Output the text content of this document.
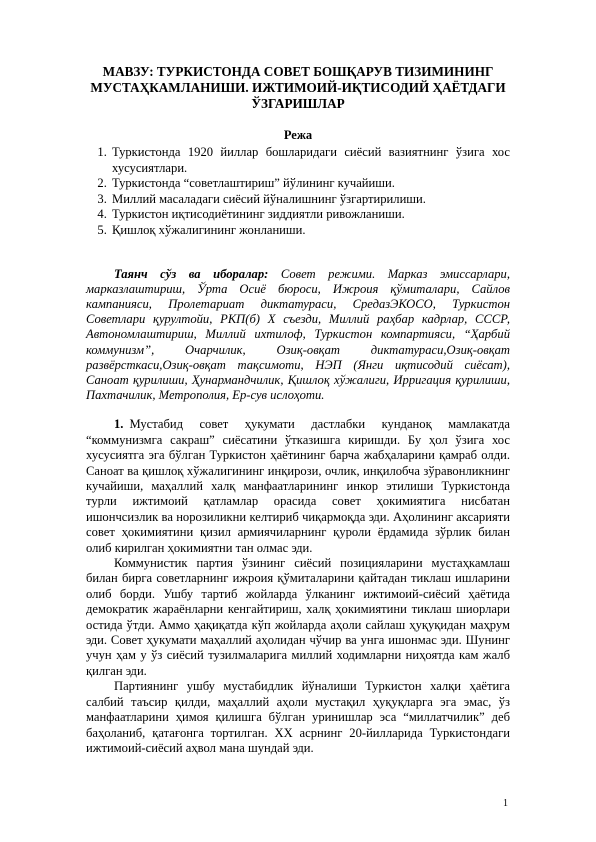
МАВЗУ: ТУРКИСТОНДА СОВЕТ БОШҚАРУВ ТИЗИМИНИНГ МУСТАҲКАМЛАНИШИ. ИЖТИМОИЙ-ИҚТИСОДИЙ ҲАЁТДАГИ ЎЗГАРИШЛАР
Режа
1. Туркистонда 1920 йиллар бошларидаги сиёсий вазиятнинг ўзига хос хусусиятлари.
2. Туркистонда “советлаштириш” йўлининг кучайиши.
3. Миллий масаладаги сиёсий йўналишнинг ўзгартирилиши.
4. Туркистон иқтисодиётининг зиддиятли ривожланиши.
5. Қишлоқ хўжалигининг жонланиши.

Таянч сўз ва иборалар: Совет режими. Марказ эмиссарлари, марказлаштириш, Ўрта Осиё бюроси, Ижроия қўмиталари, Сайлов кампанияси, Пролетариат диктатураси, СредазЭКОСО, Туркистон Советлари қурултойи, РКП(б) Х съезди, Миллий раҳбар кадрлар, СССР, Автономлаштириш, Миллий ихтилоф, Туркистон компартияси, “Ҳарбий коммунизм”, Очарчилик, Озиқ-овқат диктатураси,Озиқ-овқат развёрсткаси,Озиқ-овқат тақсимоти, НЭП (Янги иқтисодий сиёсат), Саноат қурилиши, Ҳунармандчилик, Қишлоқ хўжалиги, Ирригация қурилиши, Пахтачилик, Метрополия, Ер-сув ислоҳоти.

1. Мустабид совет ҳукумати дастлабки кунданоқ мамлакатда “коммунизмга сакраш” сиёсатини ўтказишга киришди. Бу ҳол ўзига хос хусусиятга эга бўлган Туркистон ҳаётининг барча жабҳаларини қамраб олди. Саноат ва қишлоқ хўжалигининг инқирози, очлик, инқилобча зўравонликнинг кучайиши, маҳаллий халқ манфаатларининг инкор этилиши Туркистонда турли ижтимоий қатламлар орасида совет ҳокимиятига нисбатан ишончсизлик ва норозиликни келтириб чиқармоқда эди. Аҳолининг аксарияти совет ҳокимиятини қизил армиячиларнинг қуроли ёрдамида зўрлик билан олиб кирилган ҳокимиятни тан олмас эди.

Коммунистик партия ўзининг сиёсий позицияларини мустаҳкамлаш билан бирга советларнинг ижроия қўмиталарини қайтадан тиклаш ишларини олиб борди. Ушбу тартиб жойларда ўлканинг ижтимоий-сиёсий ҳаётида демократик жараёнларни кенгайтириш, халқ ҳокимиятини тиклаш шиорлари остида ўтди. Аммо ҳақиқатда кўп жойларда аҳоли сайлаш ҳуқуқидан маҳрум эди. Совет ҳукумати маҳаллий аҳолидан чўчир ва унга ишонмас эди. Шунинг учун ҳам у ўз сиёсий тузилмаларига миллий ходимларни ниҳоятда кам жалб қилган эди.

Партиянинг ушбу мустабидлик йўналиши Туркистон халқи ҳаётига салбий таъсир қилди, маҳаллий аҳоли мустақил ҳуқуқларга эга эмас, ўз манфаатларини ҳимоя қилишга бўлган уринишлар эса “миллатчилик” деб баҳоланиб, қатағонга тортилган. ХХ асрнинг 20-йилларида Туркистондаги ижтимоий-сиёсий аҳвол мана шундай эди.

1
